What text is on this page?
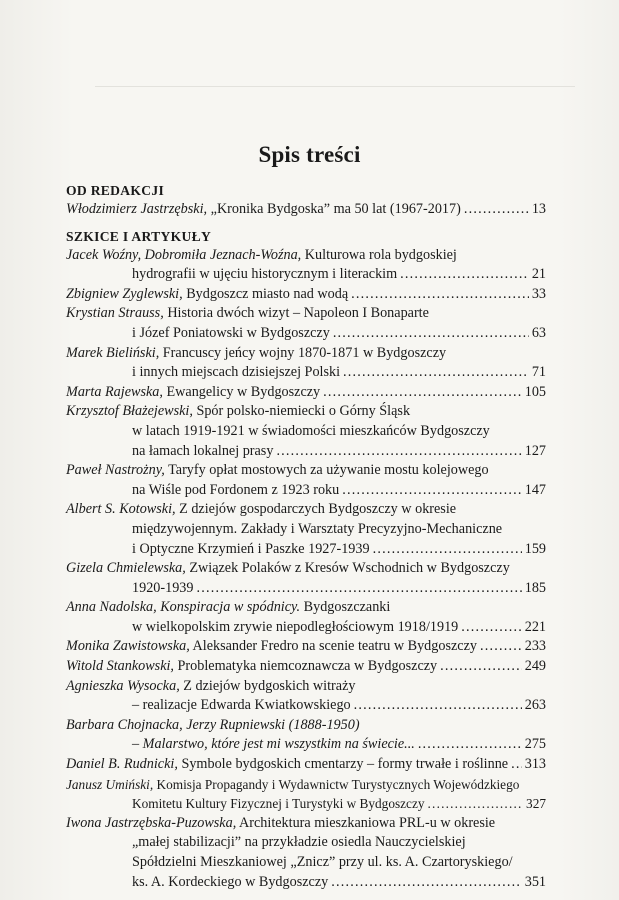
Spis treści
OD REDAKCJI
Włodzimierz Jastrzębski, „Kronika Bydgoska” ma 50 lat (1967-2017) .....	13
SZKICE I ARTYKUŁY
Jacek Woźny, Dobromiła Jeznach-Woźna, Kulturowa rola bydgoskiej
hydrografii w ujęciu historycznym i literackim .....	21
Zbigniew Zyglewski, Bydgoszcz miasto nad wodą .....	33
Krystian Strauss, Historia dwóch wizyt – Napoleon I Bonaparte
i Józef Poniatowski w Bydgoszczy .....	63
Marek Bieliński, Francuscy jeńcy wojny 1870-1871 w Bydgoszczy
i innych miejscach dzisiejszej Polski .....	71
Marta Rajewska, Ewangelicy w Bydgoszczy .....	105
Krzysztof Błażejewski, Spór polsko-niemiecki o Górny Śląsk
w latach 1919-1921 w świadomości mieszkańców Bydgoszczy
na łamach lokalnej prasy .....	127
Paweł Nastrożny, Taryfy opłat mostowych za używanie mostu kolejowego
na Wiśle pod Fordonem z 1923 roku .....	147
Albert S. Kotowski, Z dziejów gospodarczych Bydgoszczy w okresie
międzywojennym. Zakłady i Warsztaty Precyzyjno-Mechaniczne
i Optyczne Krzymień i Paszke 1927-1939 .....	159
Gizela Chmielewska, Związek Polaków z Kresów Wschodnich w Bydgoszczy
1920-1939 .....	185
Anna Nadolska, Konspiracja w spódnicy. Bydgoszczanki
w wielkopolskim zrywie niepodległościowym 1918/1919 .....	221
Monika Zawistowska, Aleksander Fredro na scenie teatru w Bydgoszczy .....	233
Witold Stankowski, Problematyka niemcoznawcza w Bydgoszczy .....	249
Agnieszka Wysocka, Z dziejów bydgoskich witraży
– realizacje Edwarda Kwiatkowskiego .....	263
Barbara Chojnacka, Jerzy Rupniewski (1888-1950)
– Malarstwo, które jest mi wszystkim na świecie... .....	275
Daniel B. Rudnicki, Symbole bydgoskich cmentarzy – formy trwałe i roślinne ..... 313
Janusz Umiński, Komisja Propagandy i Wydawnictw Turystycznych Wojewódzkiego
Komitetu Kultury Fizycznej i Turystyki w Bydgoszczy .....	327
Iwona Jastrzębska-Puzowska, Architektura mieszkaniowa PRL-u w okresie
„małej stabilizacji” na przykładzie osiedla Nauczycielskiej
Spółdzielni Mieszkaniowej „Znicz” przy ul. ks. A. Czartoryskiego/
ks. A. Kordeckiego w Bydgoszczy .....	351
